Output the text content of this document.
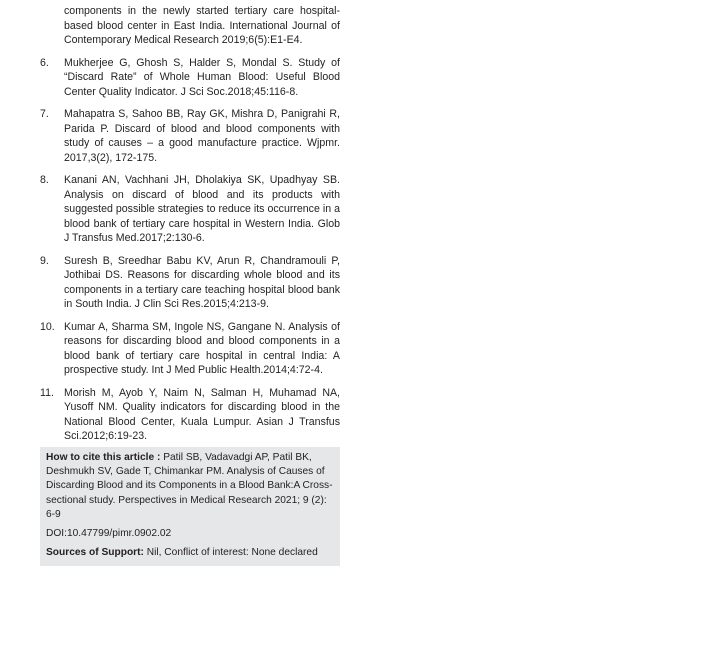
components in the newly started tertiary care hospital-based blood center in East India. International Journal of Contemporary Medical Research 2019;6(5):E1-E4.

6.	Mukherjee G, Ghosh S, Halder S, Mondal S. Study of “Discard Rate” of Whole Human Blood: Useful Blood Center Quality Indicator. J Sci Soc.2018;45:116-8.
7.	Mahapatra S, Sahoo BB, Ray GK, Mishra D, Panigrahi R, Parida P. Discard of blood and blood components with study of causes – a good manufacture practice. Wjpmr. 2017,3(2), 172-175.
8.	Kanani AN, Vachhani JH, Dholakiya SK, Upadhyay SB. Analysis on discard of blood and its products with suggested possible strategies to reduce its occurrence in a blood bank of tertiary care hospital in Western India. Glob J Transfus Med.2017;2:130-6.
9.	Suresh B, Sreedhar Babu KV, Arun R, Chandramouli P, Jothibai DS. Reasons for discarding whole blood and its components in a tertiary care teaching hospital blood bank in South India. J Clin Sci Res.2015;4:213-9.
10. Kumar A, Sharma SM, Ingole NS, Gangane N. Analysis of reasons for discarding blood and blood components in a blood bank of tertiary care hospital in central India: A prospective study. Int J Med Public Health.2014;4:72-4.
11. Morish M, Ayob Y, Naim N, Salman H, Muhamad NA, Yusoff NM. Quality indicators for discarding blood in the National Blood Center, Kuala Lumpur. Asian J Transfus Sci.2012;6:19-23.

How to cite this article : Patil SB, Vadavadgi AP, Patil BK, Deshmukh SV, Gade T, Chimankar PM. Analysis of Causes of Discarding Blood and its Components in a Blood Bank:A Cross-sectional study. Perspectives in Medical Research 2021; 9 (2): 6-9

DOI:10.47799/pimr.0902.02

Sources of Support: Nil, Conflict of interest: None declared
